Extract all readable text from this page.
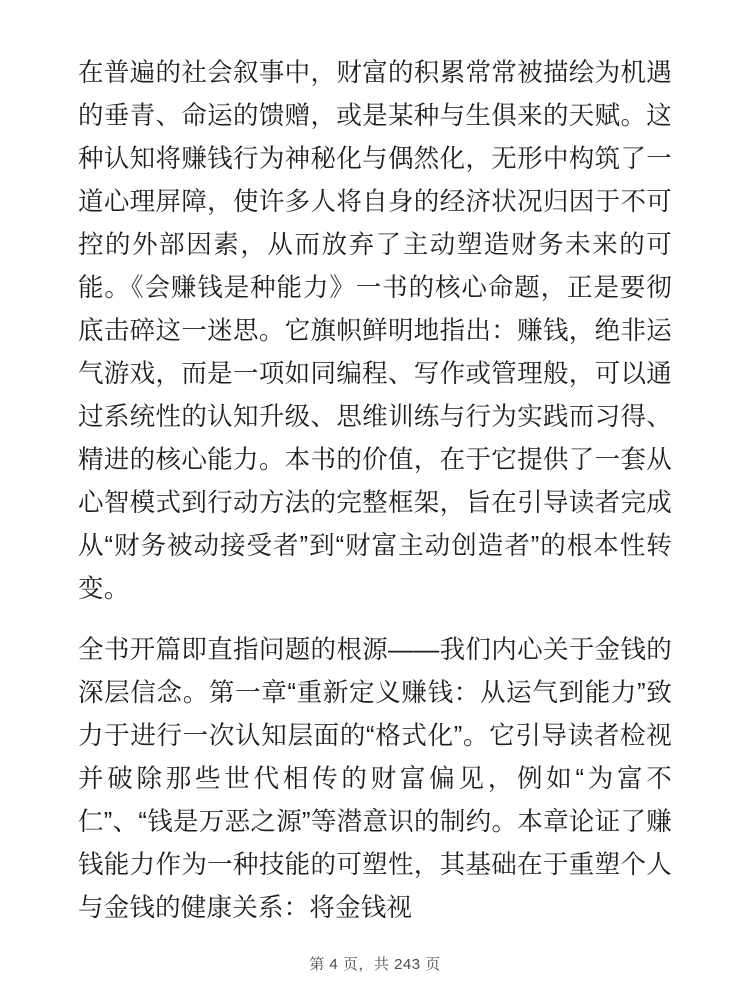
在普遍的社会叙事中，财富的积累常常被描绘为机遇的垂青、命运的馈赠，或是某种与生俱来的天赋。这种认知将赚钱行为神秘化与偶然化，无形中构筑了一道心理屏障，使许多人将自身的经济状况归因于不可控的外部因素，从而放弃了主动塑造财务未来的可能。《会赚钱是种能力》一书的核心命题，正是要彻底击碎这一迷思。它旗帜鲜明地指出：赚钱，绝非运气游戏，而是一项如同编程、写作或管理般，可以通过系统性的认知升级、思维训练与行为实践而习得、精进的核心能力。本书的价值，在于它提供了一套从心智模式到行动方法的完整框架，旨在引导读者完成从“财务被动接受者”到“财富主动创造者”的根本性转变。

全书开篇即直指问题的根源——我们内心关于金钱的深层信念。第一章“重新定义赚钱：从运气到能力”致力于进行一次认知层面的“格式化”。它引导读者检视并破除那些世代相传的财富偏见，例如“为富不仁”、“钱是万恶之源”等潜意识的制约。本章论证了赚钱能力作为一种技能的可塑性，其基础在于重塑个人与金钱的健康关系：将金钱视

第 4 页，共 243 页
